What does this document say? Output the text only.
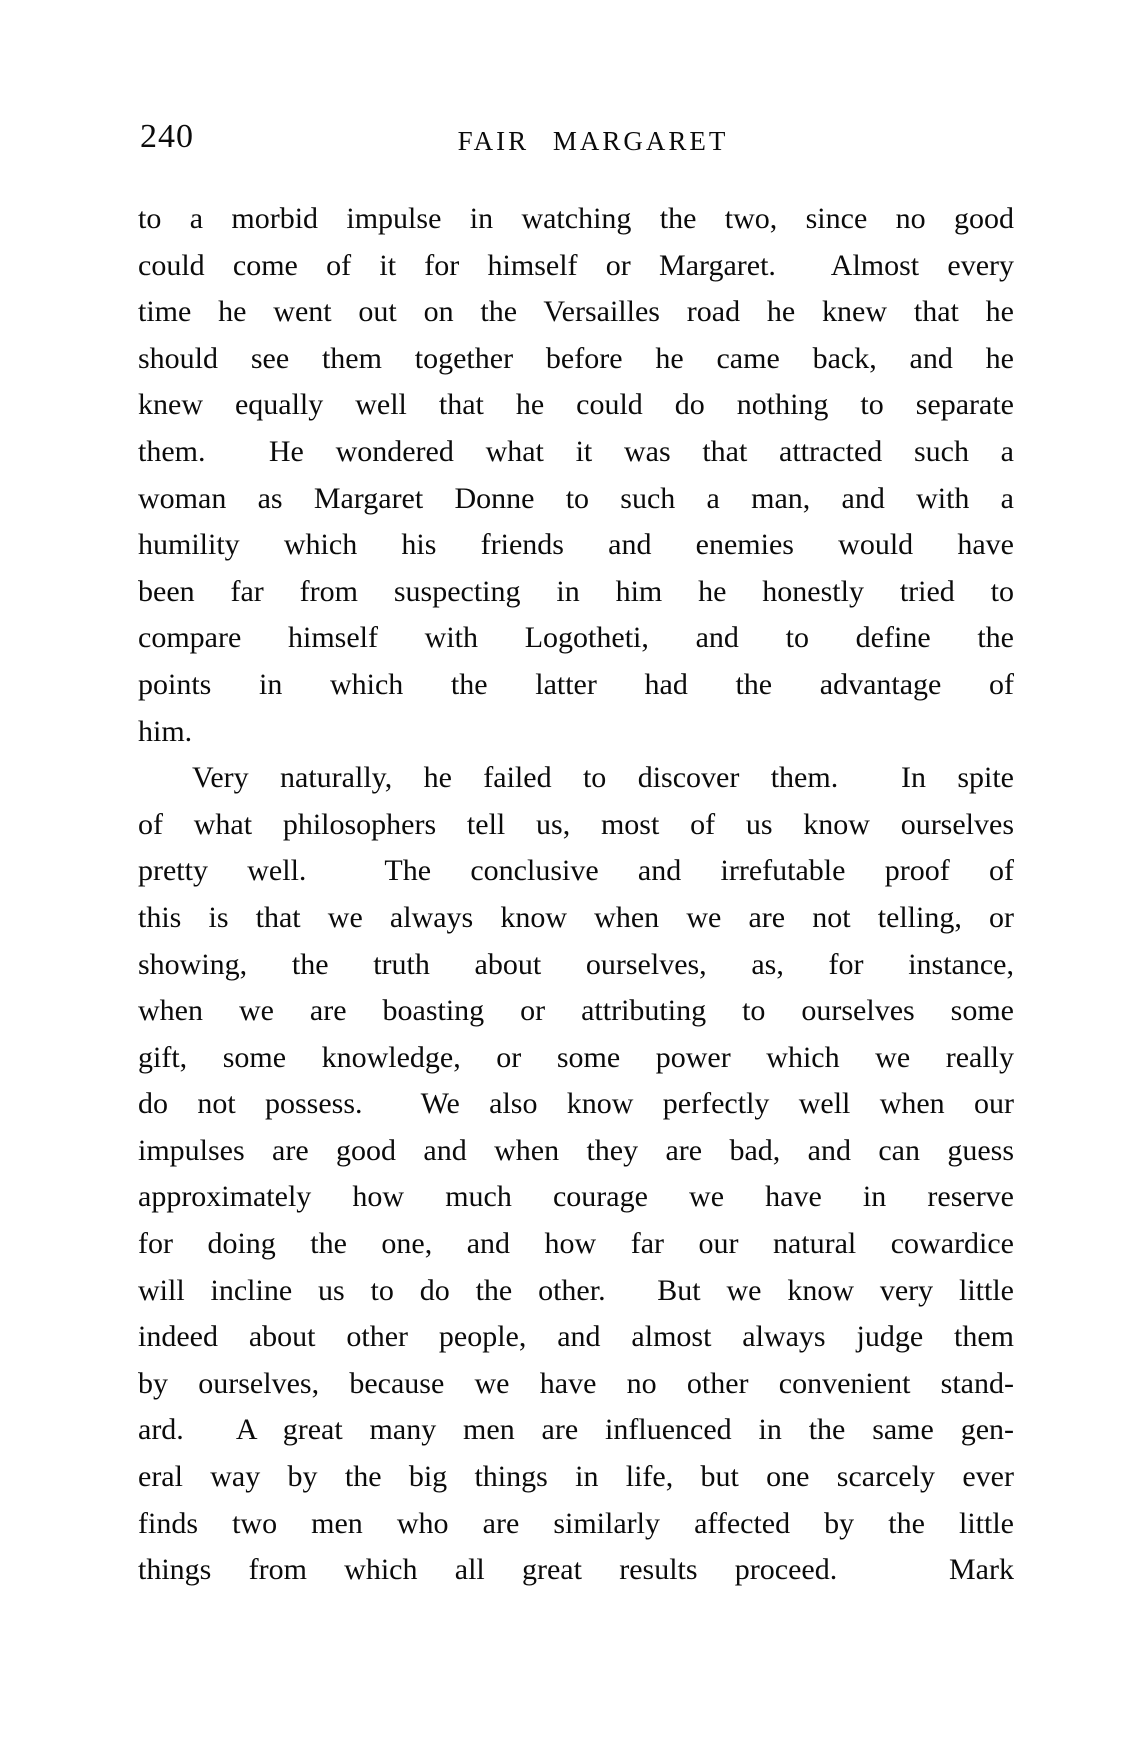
240	FAIR MARGARET
to a morbid impulse in watching the two, since no good
could come of it for himself or Margaret.  Almost every
time he went out on the Versailles road he knew that he
should see them together before he came back, and he
knew equally well that he could do nothing to separate
them.  He wondered what it was that attracted such a
woman as Margaret Donne to such a man, and with a
humility which his friends and enemies would have
been far from suspecting in him he honestly tried to
compare himself with Logotheti, and to define the
points in which the latter had the advantage of
him.
Very naturally, he failed to discover them.  In spite
of what philosophers tell us, most of us know ourselves
pretty well.  The conclusive and irrefutable proof of
this is that we always know when we are not telling, or
showing, the truth about ourselves, as, for instance,
when we are boasting or attributing to ourselves some
gift, some knowledge, or some power which we really
do not possess.  We also know perfectly well when our
impulses are good and when they are bad, and can guess
approximately how much courage we have in reserve
for doing the one, and how far our natural cowardice
will incline us to do the other.  But we know very little
indeed about other people, and almost always judge them
by ourselves, because we have no other convenient stand-
ard.  A great many men are influenced in the same gen-
eral way by the big things in life, but one scarcely ever
finds two men who are similarly affected by the little
things from which all great results proceed.   Mark
